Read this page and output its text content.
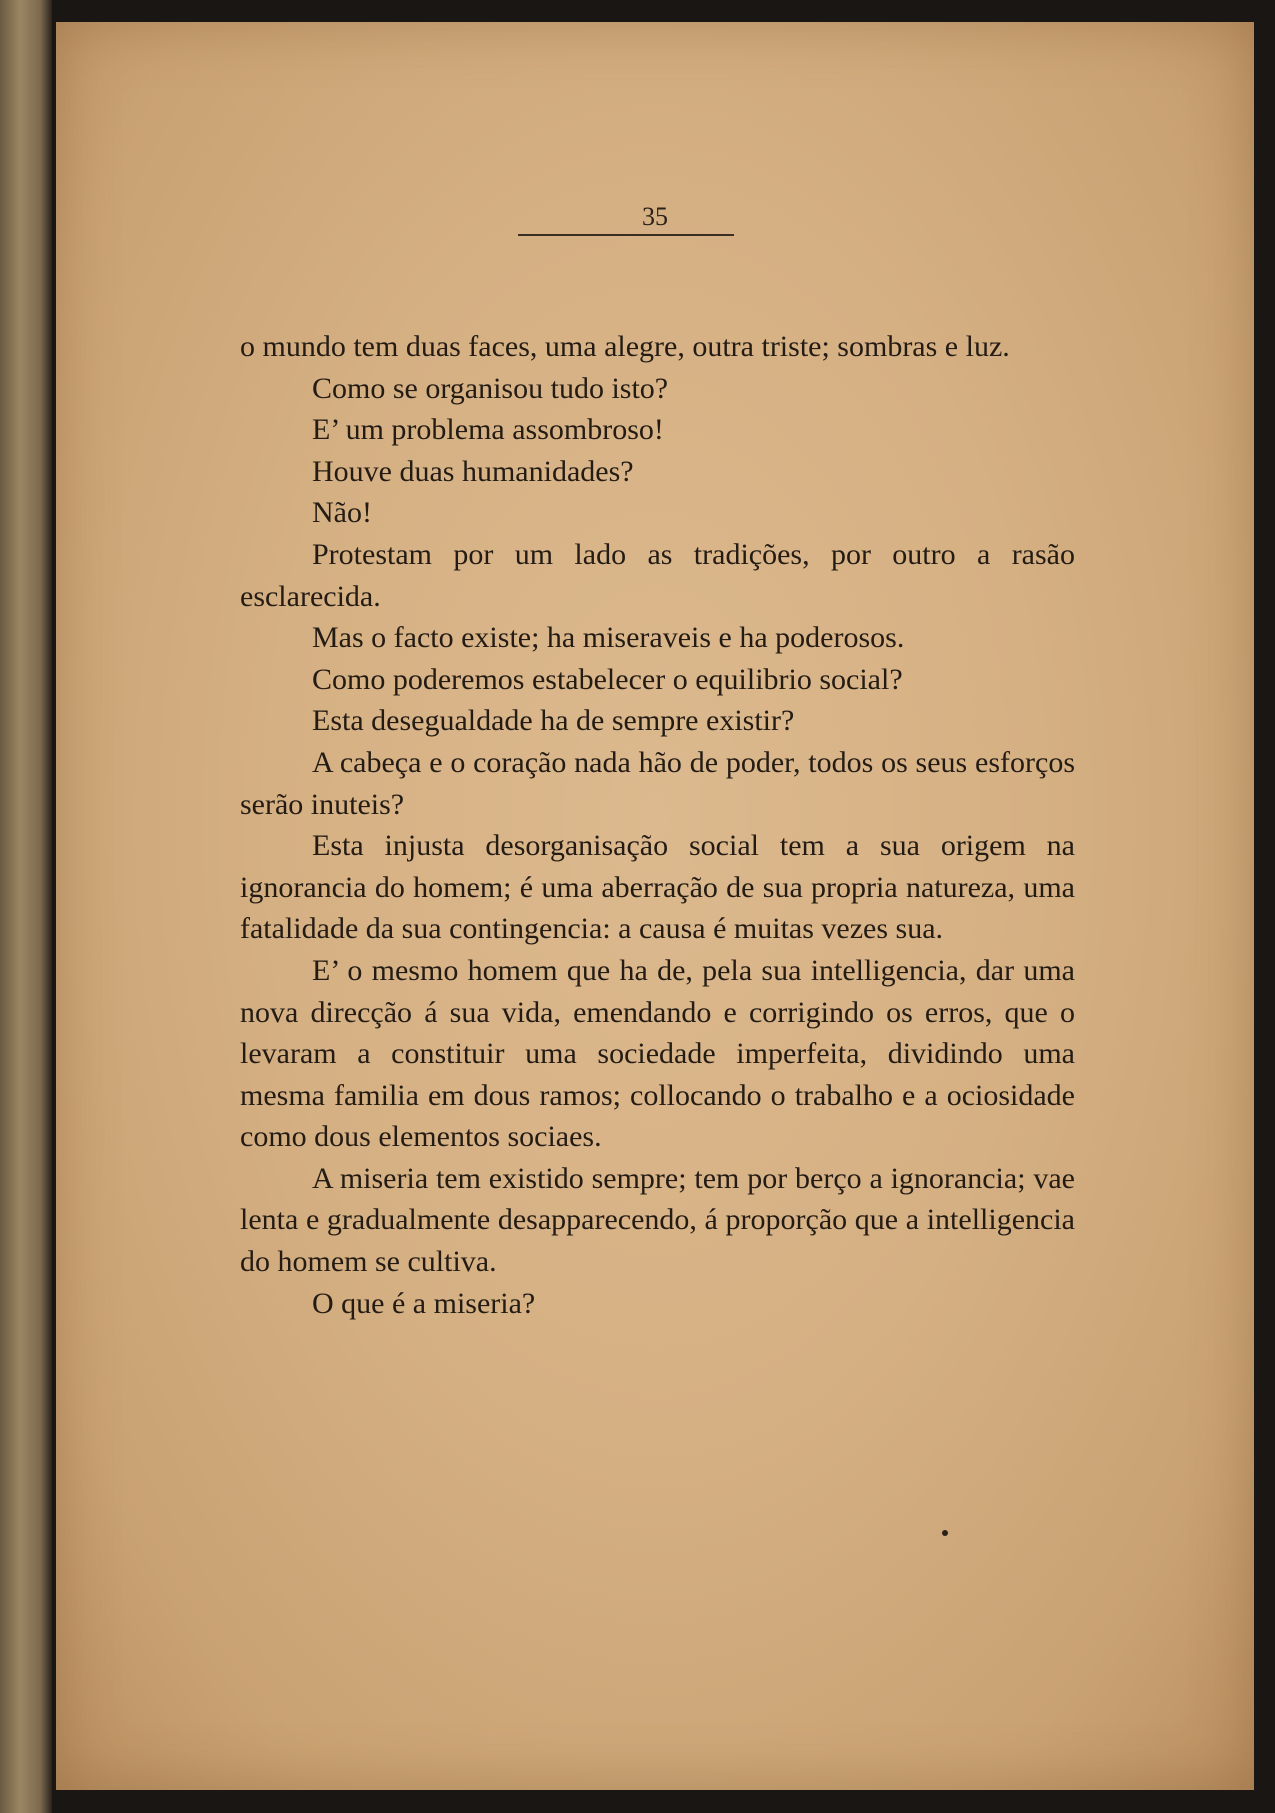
35

o mundo tem duas faces, uma alegre, outra triste; sombras e luz.

Como se organisou tudo isto?

E’ um problema assombroso!

Houve duas humanidades?

Não!

Protestam por um lado as tradições, por outro a rasão esclarecida.

Mas o facto existe; ha miseraveis e ha poderosos.

Como poderemos estabelecer o equilibrio social?

Esta desegualdade ha de sempre existir?

A cabeça e o coração nada hão de poder, todos os seus esforços serão inuteis?

Esta injusta desorganisação social tem a sua origem na ignorancia do homem; é uma aberração de sua propria natureza, uma fatalidade da sua contingencia: a causa é muitas vezes sua.

E’ o mesmo homem que ha de, pela sua intelligencia, dar uma nova direcção á sua vida, emendando e corrigindo os erros, que o levaram a constituir uma sociedade imperfeita, dividindo uma mesma familia em dous ramos; collocando o trabalho e a ociosidade como dous elementos sociaes.

A miseria tem existido sempre; tem por berço a ignorancia; vae lenta e gradualmente desapparecendo, á proporção que a intelligencia do homem se cultiva.

O que é a miseria?
